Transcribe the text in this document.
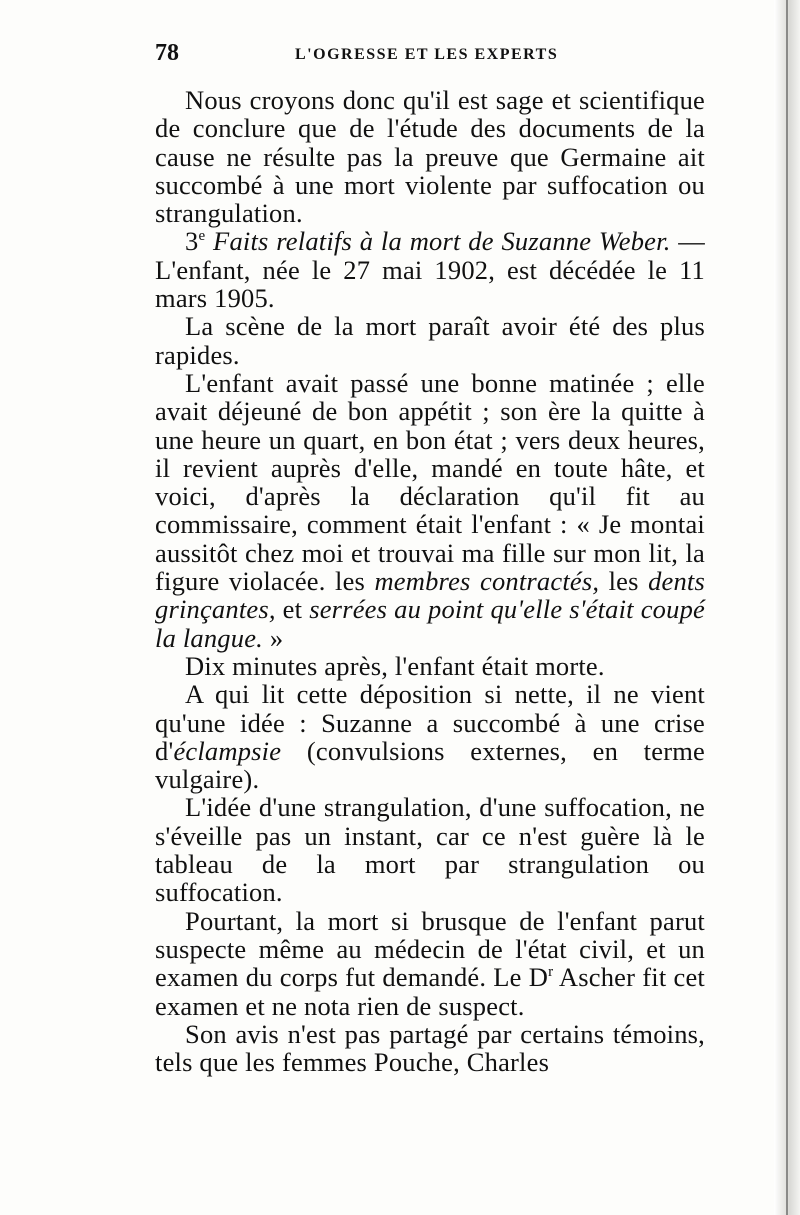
78	L'OGRESSE ET LES EXPERTS

Nous croyons donc qu'il est sage et scientifique de conclure que de l'étude des documents de la cause ne résulte pas la preuve que Germaine ait succombé à une mort violente par suffocation ou strangulation.

3e Faits relatifs à la mort de Suzanne Weber. — L'enfant, née le 27 mai 1902, est décédée le 11 mars 1905.

La scène de la mort paraît avoir été des plus rapides.

L'enfant avait passé une bonne matinée ; elle avait déjeuné de bon appétit ; son ère la quitte à une heure un quart, en bon état ; vers deux heures, il revient auprès d'elle, mandé en toute hâte, et voici, d'après la déclaration qu'il fit au commissaire, comment était l'enfant : « Je montai aussitôt chez moi et trouvai ma fille sur mon lit, la figure violacée. les membres contractés, les dents grinçantes, et serrées au point qu'elle s'était coupé la langue. »

Dix minutes après, l'enfant était morte.

A qui lit cette déposition si nette, il ne vient qu'une idée : Suzanne a succombé à une crise d'éclampsie (convulsions externes, en terme vulgaire).

L'idée d'une strangulation, d'une suffocation, ne s'éveille pas un instant, car ce n'est guère là le tableau de la mort par strangulation ou suffocation.

Pourtant, la mort si brusque de l'enfant parut suspecte même au médecin de l'état civil, et un examen du corps fut demandé. Le $D^r$ Ascher fit cet examen et ne nota rien de suspect.

Son avis n'est pas partagé par certains témoins, tels que les femmes Pouche, Charles
